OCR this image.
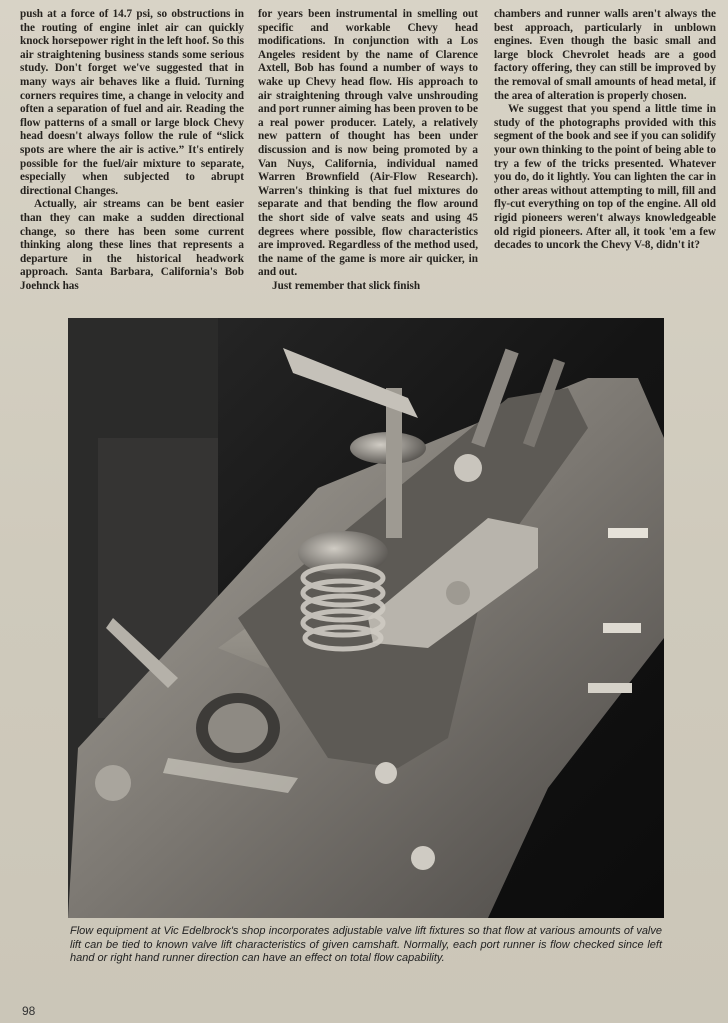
push at a force of 14.7 psi, so obstructions in the routing of engine inlet air can quickly knock horsepower right in the left hoof. So this air straightening business stands some serious study. Don't forget we've suggested that in many ways air behaves like a fluid. Turning corners requires time, a change in velocity and often a separation of fuel and air. Reading the flow patterns of a small or large block Chevy head doesn't always follow the rule of “slick spots are where the air is active.” It's entirely possible for the fuel/air mixture to separate, especially when subjected to abrupt directional Changes.

Actually, air streams can be bent easier than they can make a sudden directional change, so there has been some current thinking along these lines that represents a departure in the historical headwork approach. Santa Barbara, California's Bob Joehnck has

for years been instrumental in smelling out specific and workable Chevy head modifications. In conjunction with a Los Angeles resident by the name of Clarence Axtell, Bob has found a number of ways to wake up Chevy head flow. His approach to air straightening through valve unshrouding and port runner aiming has been proven to be a real power producer. Lately, a relatively new pattern of thought has been under discussion and is now being promoted by a Van Nuys, California, individual named Warren Brownfield (Air-Flow Research). Warren's thinking is that fuel mixtures do separate and that bending the flow around the short side of valve seats and using 45 degrees where possible, flow characteristics are improved. Regardless of the method used, the name of the game is more air quicker, in and out.

Just remember that slick finish

chambers and runner walls aren't always the best approach, particularly in unblown engines. Even though the basic small and large block Chevrolet heads are a good factory offering, they can still be improved by the removal of small amounts of head metal, if the area of alteration is properly chosen.

We suggest that you spend a little time in study of the photographs provided with this segment of the book and see if you can solidify your own thinking to the point of being able to try a few of the tricks presented. Whatever you do, do it lightly. You can lighten the car in other areas without attempting to mill, fill and fly-cut everything on top of the engine. All old rigid pioneers weren't always knowledgeable old rigid pioneers. After all, it took 'em a few decades to uncork the Chevy V-8, didn't it?

Flow equipment at Vic Edelbrock's shop incorporates adjustable valve lift fixtures so that flow at various amounts of valve lift can be tied to known valve lift characteristics of given camshaft. Normally, each port runner is flow checked since left hand or right hand runner direction can have an effect on total flow capability.
98
